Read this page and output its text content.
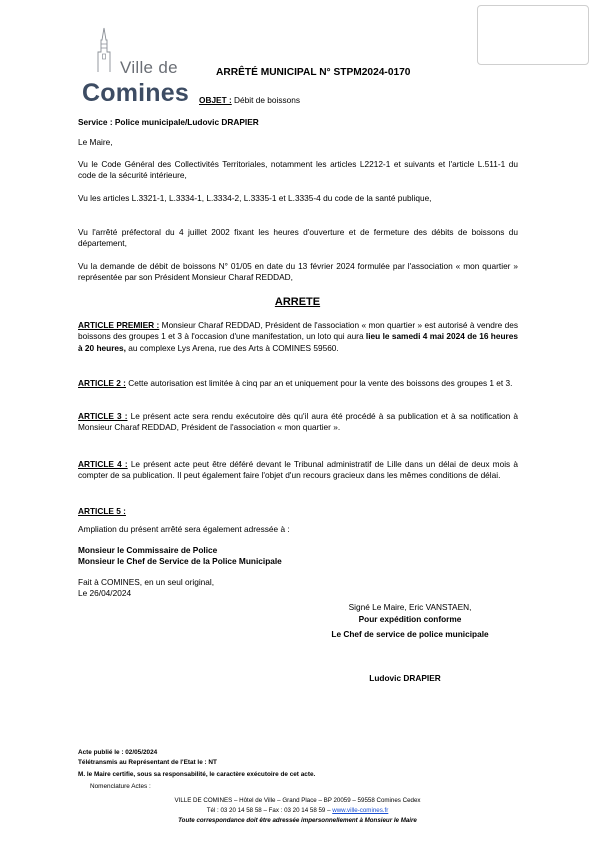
Ville de
Comines
ARRÊTÉ MUNICIPAL N° STPM2024-0170
OBJET : Débit de boissons
Service : Police municipale/Ludovic DRAPIER
Le Maire,
Vu le Code Général des Collectivités Territoriales, notamment les articles L2212-1 et suivants et l'article L.511-1 du code de la sécurité intérieure,
Vu les articles L.3321-1, L.3334-1, L.3334-2, L.3335-1 et L.3335-4 du code de la santé publique,
Vu l'arrêté préfectoral du 4 juillet 2002 fixant les heures d'ouverture et de fermeture des débits de boissons du département,
Vu la demande de débit de boissons N° 01/05 en date du 13 février 2024 formulée par l'association « mon quartier » représentée par son Président Monsieur Charaf REDDAD,
ARRETE
ARTICLE PREMIER : Monsieur Charaf REDDAD, Président de l'association « mon quartier » est autorisé à vendre des boissons des groupes 1 et 3 à l'occasion d'une manifestation, un loto qui aura lieu le samedi 4 mai 2024 de 16 heures à 20 heures, au complexe Lys Arena, rue des Arts à COMINES 59560.
ARTICLE 2 : Cette autorisation est limitée à cinq par an et uniquement pour la vente des boissons des groupes 1 et 3.
ARTICLE 3 : Le présent acte sera rendu exécutoire dès qu'il aura été procédé à sa publication et à sa notification à Monsieur Charaf REDDAD, Président de l'association « mon quartier ».
ARTICLE 4 : Le présent acte peut être déféré devant le Tribunal administratif de Lille dans un délai de deux mois à compter de sa publication. Il peut également faire l'objet d'un recours gracieux dans les mêmes conditions de délai.
ARTICLE 5 :
Ampliation du présent arrêté sera également adressée à :
Monsieur le Commissaire de Police
Monsieur le Chef de Service de la Police Municipale
Fait à COMINES, en un seul original,
Le 26/04/2024
Signé Le Maire, Eric VANSTAEN,
Pour expédition conforme
Le Chef de service de police municipale
Ludovic DRAPIER
Acte publié le : 02/05/2024
Télétransmis au Représentant de l'Etat le : NT
M. le Maire certifie, sous sa responsabilité, le caractère exécutoire de cet acte.
Nomenclature Actes :
VILLE DE COMINES – Hôtel de Ville – Grand Place – BP 20059 – 59558 Comines Cedex
Tél : 03 20 14 58 58 – Fax : 03 20 14 58 59 – www.ville-comines.fr
Toute correspondance doit être adressée impersonnellement à Monsieur le Maire
